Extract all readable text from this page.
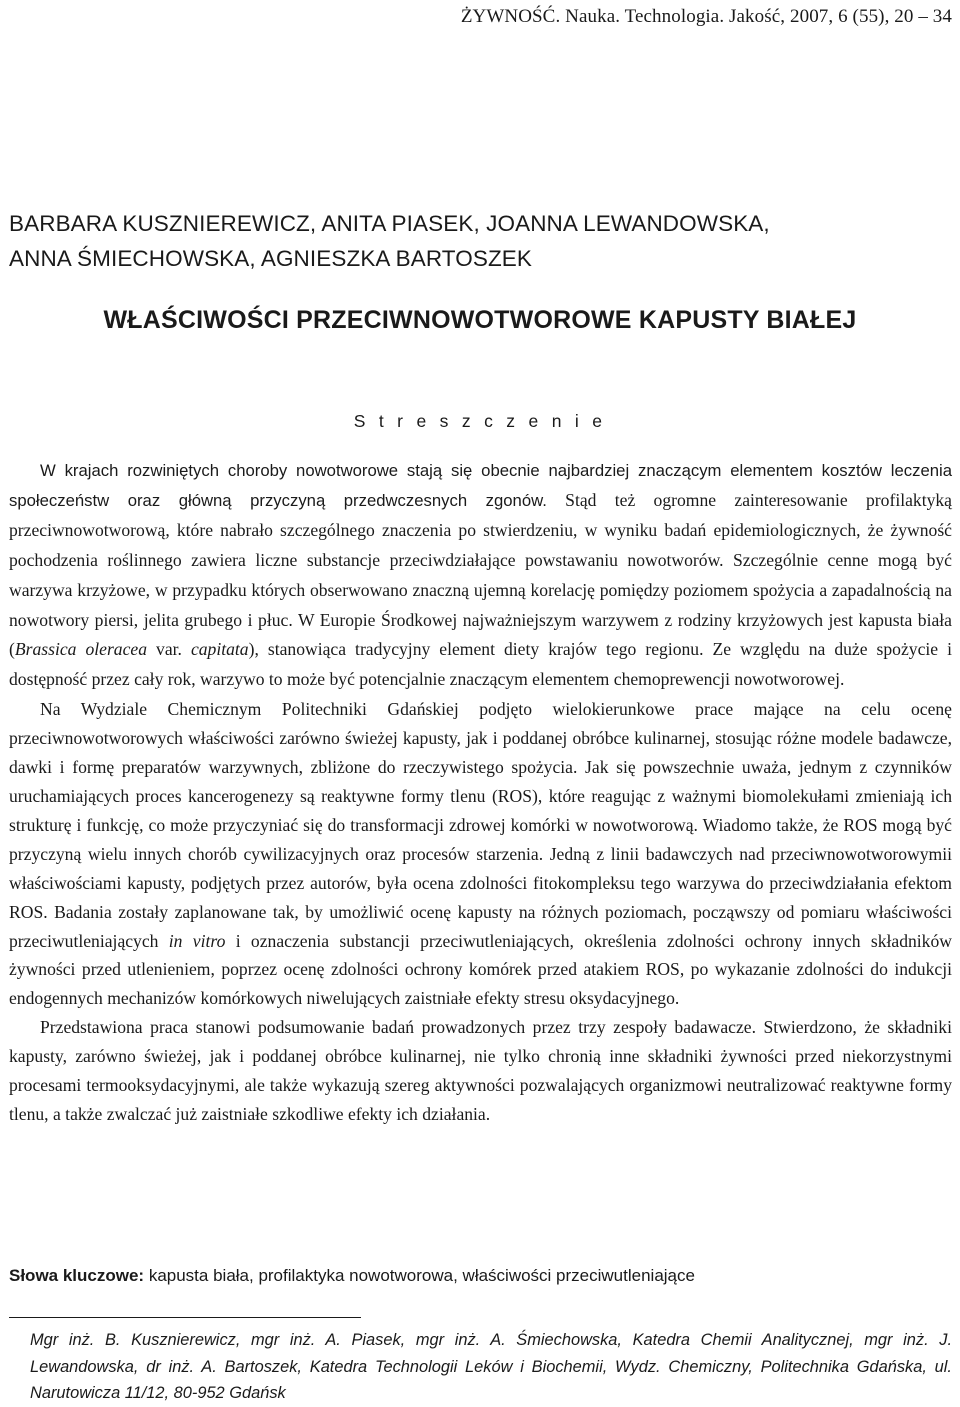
ŻYWNOŚĆ. Nauka. Technologia. Jakość, 2007, 6 (55), 20 – 34
BARBARA KUSZNIEREWICZ, ANITA PIASEK, JOANNA LEWANDOWSKA,
ANNA ŚMIECHOWSKA, AGNIESZKA BARTOSZEK
WŁAŚCIWOŚCI PRZECIWNOWOTWOROWE KAPUSTY BIAŁEJ
S t r e s z c z e n i e

W krajach rozwiniętych choroby nowotworowe stają się obecnie najbardziej znaczącym elementem kosztów leczenia społeczeństw oraz główną przyczyną przedwczesnych zgonów. Stąd też ogromne zainteresowanie profilaktyką przeciwnowotworową, które nabrało szczególnego znaczenia po stwierdzeniu, w wyniku badań epidemiologicznych, że żywność pochodzenia roślinnego zawiera liczne substancje przeciwdziałające powstawaniu nowotworów. Szczególnie cenne mogą być warzywa krzyżowe, w przypadku których obserwowano znaczną ujemną korelację pomiędzy poziomem spożycia a zapadalnością na nowotwory piersi, jelita grubego i płuc. W Europie Środkowej najważniejszym warzywem z rodziny krzyżowych jest kapusta biała (Brassica oleracea var. capitata), stanowiąca tradycyjny element diety krajów tego regionu. Ze względu na duże spożycie i dostępność przez cały rok, warzywo to może być potencjalnie znaczącym elementem chemoprewencji nowotworowej.

Na Wydziale Chemicznym Politechniki Gdańskiej podjęto wielokierunkowe prace mające na celu ocenę przeciwnowotworowych właściwości zarówno świeżej kapusty, jak i poddanej obróbce kulinarnej, stosując różne modele badawcze, dawki i formę preparatów warzywnych, zbliżone do rzeczywistego spożycia. Jak się powszechnie uważa, jednym z czynników uruchamiających proces kancerogenezy są reaktywne formy tlenu (ROS), które reagując z ważnymi biomolekułami zmieniają ich strukturę i funkcję, co może przyczyniać się do transformacji zdrowej komórki w nowotworową. Wiadomo także, że ROS mogą być przyczyną wielu innych chorób cywilizacyjnych oraz procesów starzenia. Jedną z linii badawczych nad przeciwnowotworowymii właściwościami kapusty, podjętych przez autorów, była ocena zdolności fitokompleksu tego warzywa do przeciwdziałania efektom ROS. Badania zostały zaplanowane tak, by umożliwić ocenę kapusty na różnych poziomach, począwszy od pomiaru właściwości przeciwutleniających in vitro i oznaczenia substancji przeciwutleniających, określenia zdolności ochrony innych składników żywności przed utlenieniem, poprzez ocenę zdolności ochrony komórek przed atakiem ROS, po wykazanie zdolności do indukcji endogennych mechanizów komórkowych niwelujących zaistniałe efekty stresu oksydacyjnego.

Przedstawiona praca stanowi podsumowanie badań prowadzonych przez trzy zespoły badawacze. Stwierdzono, że składniki kapusty, zarówno świeżej, jak i poddanej obróbce kulinarnej, nie tylko chronią inne składniki żywności przed niekorzystnymi procesami termooksydacyjnymi, ale także wykazują szereg aktywności pozwalających organizmowi neutralizować reaktywne formy tlenu, a także zwalczać już zaistniałe szkodliwe efekty ich działania.

Słowa kluczowe: kapusta biała, profilaktyka nowotworowa, właściwości przeciwutleniające
Mgr inż. B. Kusznierewicz, mgr inż. A. Piasek, mgr inż. A. Śmiechowska, Katedra Chemii Analitycznej, mgr inż. J. Lewandowska, dr inż. A. Bartoszek, Katedra Technologii Leków i Biochemii, Wydz. Chemiczny, Politechnika Gdańska, ul. Narutowicza 11/12, 80-952 Gdańsk
